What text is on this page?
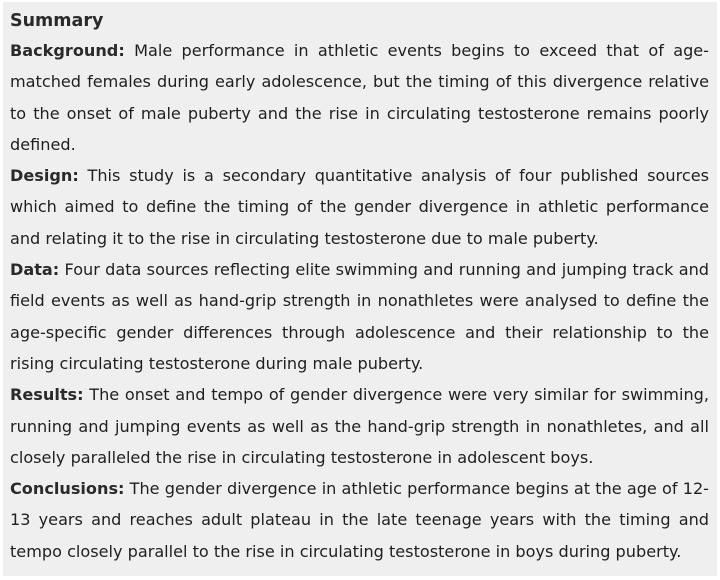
Summary

Background: Male performance in athletic events begins to exceed that of age-matched females during early adolescence, but the timing of this divergence relative to the onset of male puberty and the rise in circulating testosterone remains poorly defined.

Design: This study is a secondary quantitative analysis of four published sources which aimed to define the timing of the gender divergence in athletic performance and relating it to the rise in circulating testosterone due to male puberty.

Data: Four data sources reflecting elite swimming and running and jumping track and field events as well as hand-grip strength in nonathletes were analysed to define the age-specific gender differences through adolescence and their relationship to the rising circulating testosterone during male puberty.

Results: The onset and tempo of gender divergence were very similar for swimming, running and jumping events as well as the hand-grip strength in nonathletes, and all closely paralleled the rise in circulating testosterone in adolescent boys.

Conclusions: The gender divergence in athletic performance begins at the age of 12-13 years and reaches adult plateau in the late teenage years with the timing and tempo closely parallel to the rise in circulating testosterone in boys during puberty.
